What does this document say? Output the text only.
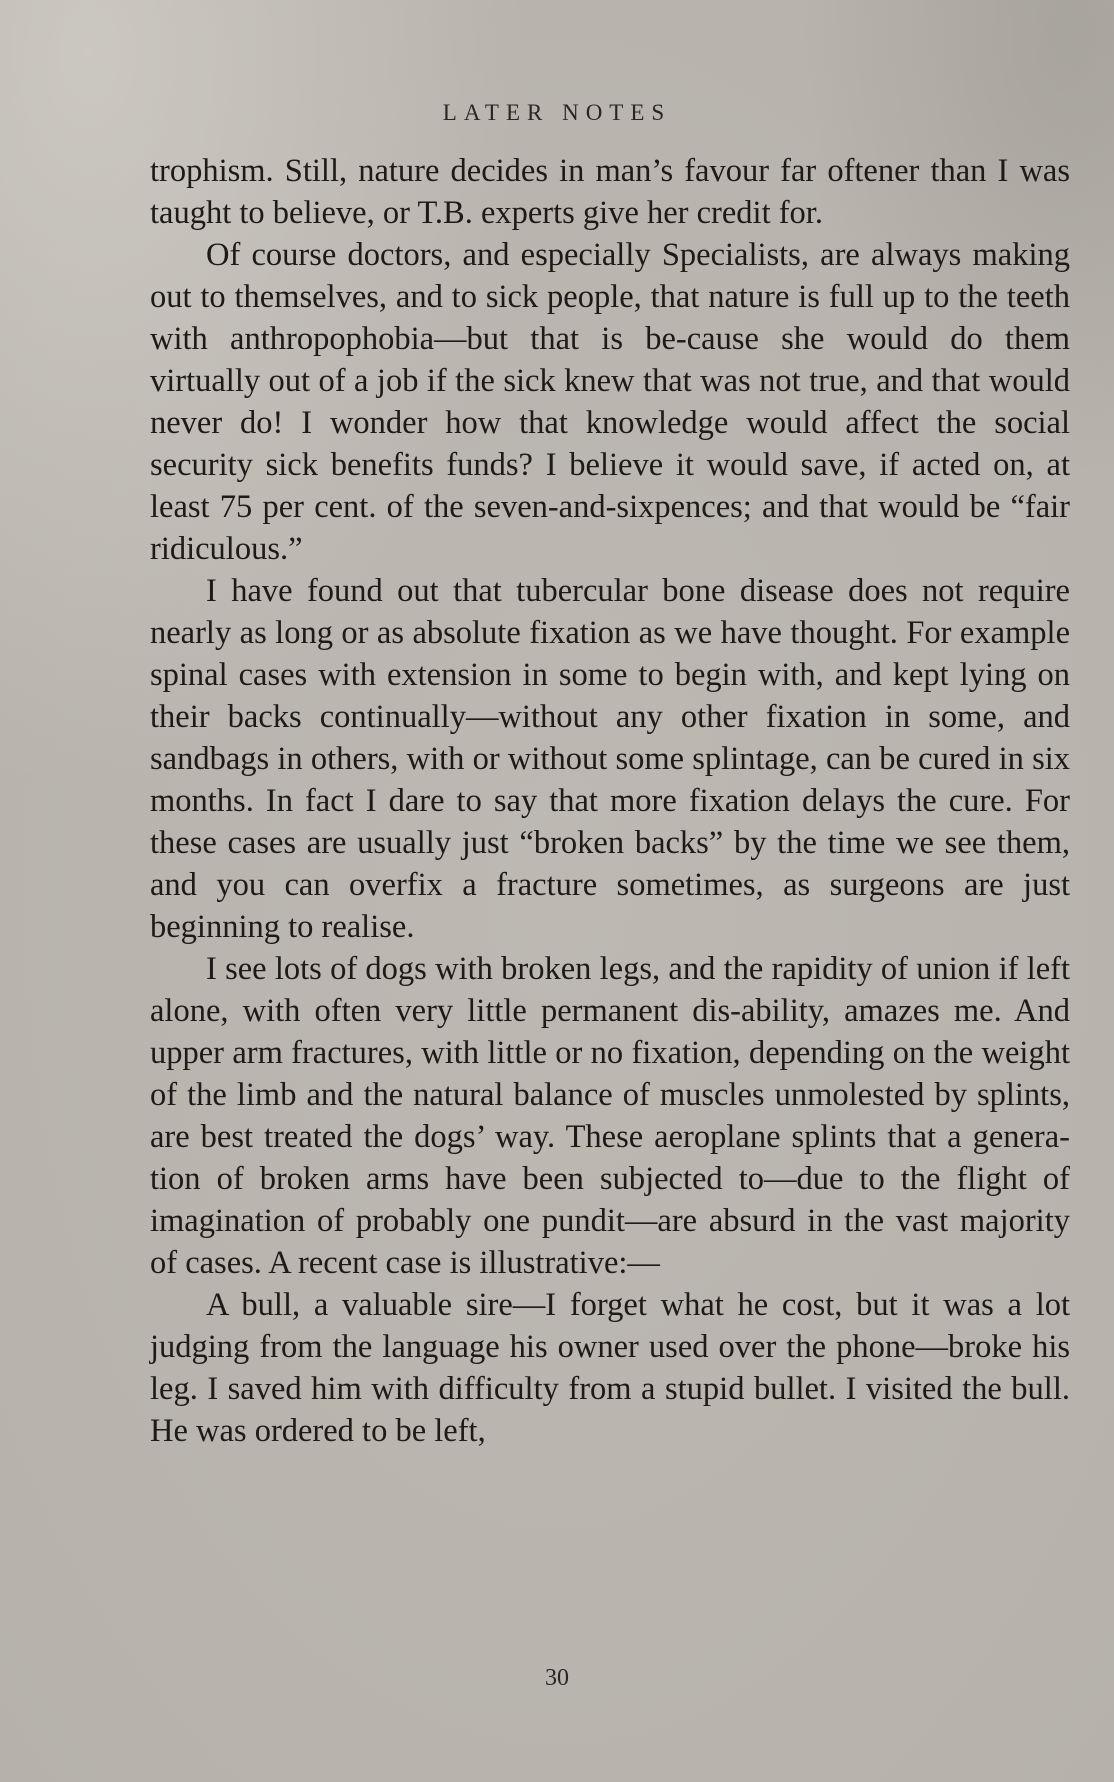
LATER NOTES

trophism. Still, nature decides in man’s favour far oftener than I was taught to believe, or T.B. experts give her credit for.

Of course doctors, and especially Specialists, are always making out to themselves, and to sick people, that nature is full up to the teeth with anthropophobia—but that is be‐cause she would do them virtually out of a job if the sick knew that was not true, and that would never do! I wonder how that knowledge would affect the social security sick benefits funds? I believe it would save, if acted on, at least 75 per cent. of the seven-and-sixpences; and that would be “fair ridiculous.”

I have found out that tubercular bone disease does not require nearly as long or as absolute fixation as we have thought. For example spinal cases with extension in some to begin with, and kept lying on their backs continually—without any other fixation in some, and sandbags in others, with or without some splintage, can be cured in six months. In fact I dare to say that more fixation delays the cure. For these cases are usually just “broken backs” by the time we see them, and you can overfix a fracture sometimes, as surgeons are just beginning to realise.

I see lots of dogs with broken legs, and the rapidity of union if left alone, with often very little permanent dis‐ability, amazes me. And upper arm fractures, with little or no fixation, depending on the weight of the limb and the natural balance of muscles unmolested by splints, are best treated the dogs’ way. These aeroplane splints that a genera‐tion of broken arms have been subjected to—due to the flight of imagination of probably one pundit—are absurd in the vast majority of cases. A recent case is illustrative:—

A bull, a valuable sire—I forget what he cost, but it was a lot judging from the language his owner used over the phone—broke his leg. I saved him with difficulty from a stupid bullet. I visited the bull. He was ordered to be left,

30
